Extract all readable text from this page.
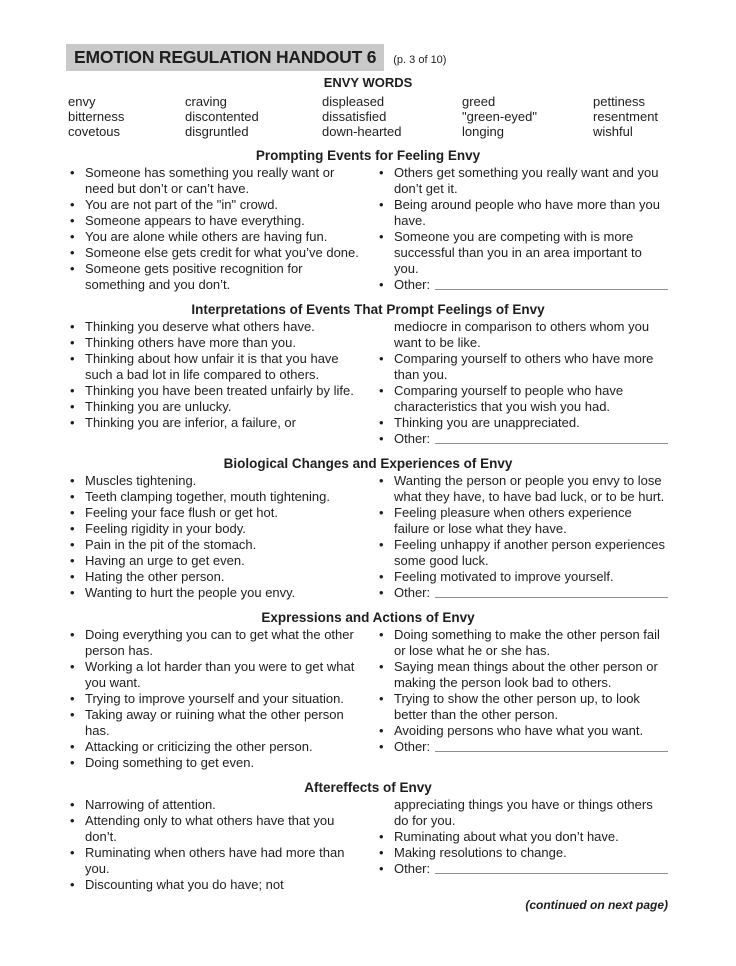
EMOTION REGULATION HANDOUT 6	(p. 3 of 10)
ENVY WORDS
envy
bitterness
covetous
craving
discontented
disgruntled
displeased
dissatisfied
down-hearted
greed
"green-eyed"
longing
pettiness
resentment
wishful
Prompting Events for Feeling Envy
• Someone has something you really want or need but don’t or can’t have.
• You are not part of the "in" crowd.
• Someone appears to have everything.
• You are alone while others are having fun.
• Someone else gets credit for what you’ve done.
• Someone gets positive recognition for something and you don’t.
• Others get something you really want and you don’t get it.
• Being around people who have more than you have.
• Someone you are competing with is more successful than you in an area important to you.
• Other:
Interpretations of Events That Prompt Feelings of Envy
• Thinking you deserve what others have.
• Thinking others have more than you.
• Thinking about how unfair it is that you have such a bad lot in life compared to others.
• Thinking you have been treated unfairly by life.
• Thinking you are unlucky.
• Thinking you are inferior, a failure, or
mediocre in comparison to others whom you want to be like.
• Comparing yourself to others who have more than you.
• Comparing yourself to people who have characteristics that you wish you had.
• Thinking you are unappreciated.
• Other:
Biological Changes and Experiences of Envy
• Muscles tightening.
• Teeth clamping together, mouth tightening.
• Feeling your face flush or get hot.
• Feeling rigidity in your body.
• Pain in the pit of the stomach.
• Having an urge to get even.
• Hating the other person.
• Wanting to hurt the people you envy.
• Wanting the person or people you envy to lose what they have, to have bad luck, or to be hurt.
• Feeling pleasure when others experience failure or lose what they have.
• Feeling unhappy if another person experiences some good luck.
• Feeling motivated to improve yourself.
• Other:
Expressions and Actions of Envy
• Doing everything you can to get what the other person has.
• Working a lot harder than you were to get what you want.
• Trying to improve yourself and your situation.
• Taking away or ruining what the other person has.
• Attacking or criticizing the other person.
• Doing something to get even.
• Doing something to make the other person fail or lose what he or she has.
• Saying mean things about the other person or making the person look bad to others.
• Trying to show the other person up, to look better than the other person.
• Avoiding persons who have what you want.
• Other:
Aftereffects of Envy
• Narrowing of attention.
• Attending only to what others have that you don’t.
• Ruminating when others have had more than you.
• Discounting what you do have; not
appreciating things you have or things others do for you.
• Ruminating about what you don’t have.
• Making resolutions to change.
• Other:
(continued on next page)
